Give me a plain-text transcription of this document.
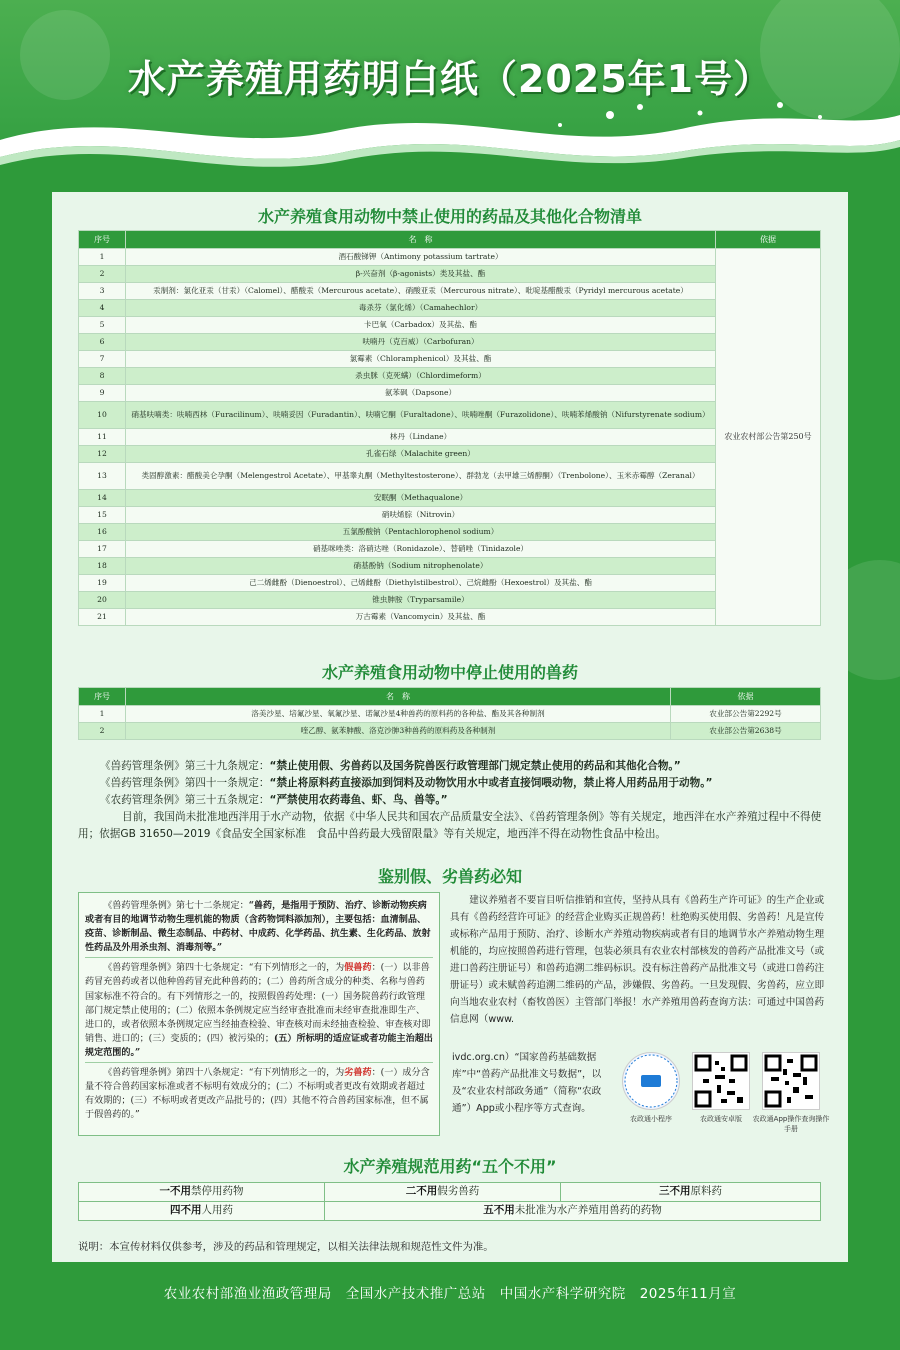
水产养殖用药明白纸（2025年1号）
水产养殖食用动物中禁止使用的药品及其他化合物清单
序号	名　称	依据
1	酒石酸锑钾（Antimony potassium tartrate）	农业农村部公告第250号
2	β-兴奋剂（β-agonists）类及其盐、酯	
3	汞制剂：氯化亚汞（甘汞）（Calomel）、醋酸汞（Mercurous acetate）、硝酸亚汞（Mercurous nitrate）、吡啶基醋酸汞（Pyridyl mercurous acetate）	
4	毒杀芬（氯化烯）（Camahechlor）	
5	卡巴氧（Carbadox）及其盐、酯	
6	呋喃丹（克百威）（Carbofuran）	
7	氯霉素（Chloramphenicol）及其盐、酯	
8	杀虫脒（克死螨）（Chlordimeform）	
9	氨苯砜（Dapsone）	
10	硝基呋喃类：呋喃西林（Furacilinum）、呋喃妥因（Furadantin）、呋喃它酮（Furaltadone）、呋喃唑酮（Furazolidone）、呋喃苯烯酸钠（Nifurstyrenate sodium）	
11	林丹（Lindane）	
12	孔雀石绿（Malachite green）	
13	类固醇激素：醋酸美仑孕酮（Melengestrol Acetate）、甲基睾丸酮（Methyltestosterone）、群勃龙（去甲雄三烯醇酮）（Trenbolone）、玉米赤霉醇（Zeranal）	
14	安眠酮（Methaqualone）	
15	硝呋烯腙（Nitrovin）	
16	五氯酚酸钠（Pentachlorophenol sodium）	
17	硝基咪唑类：洛硝达唑（Ronidazole）、替硝唑（Tinidazole）	
18	硝基酚钠（Sodium nitrophenolate）	
19	己二烯雌酚（Dienoestrol）、己烯雌酚（Diethylstilbestrol）、己烷雌酚（Hexoestrol）及其盐、酯	
20	锥虫胂胺（Tryparsamile）	
21	万古霉素（Vancomycin）及其盐、酯	
水产养殖食用动物中停止使用的兽药
序号	名　称	依据
1	洛美沙星、培氟沙星、氧氟沙星、诺氟沙星4种兽药的原料药的各种盐、酯及其各种制剂	农业部公告第2292号
2	喹乙醇、氨苯胂酸、洛克沙胂3种兽药的原料药及各种制剂	农业部公告第2638号
《兽药管理条例》第三十九条规定：“禁止使用假、劣兽药以及国务院兽医行政管理部门规定禁止使用的药品和其他化合物。”
《兽药管理条例》第四十一条规定：“禁止将原料药直接添加到饲料及动物饮用水中或者直接饲喂动物，禁止将人用药品用于动物。”
《农药管理条例》第三十五条规定：“严禁使用农药毒鱼、虾、鸟、兽等。”
目前，我国尚未批准地西泮用于水产动物，依据《中华人民共和国农产品质量安全法》、《兽药管理条例》等有关规定，地西泮在水产养殖过程中不得使用；依据GB 31650—2019《食品安全国家标准　食品中兽药最大残留限量》等有关规定，地西泮不得在动物性食品中检出。
鉴别假、劣兽药必知

《兽药管理条例》第七十二条规定：“兽药，是指用于预防、治疗、诊断动物疾病或者有目的地调节动物生理机能的物质（含药物饲料添加剂），主要包括：血清制品、疫苗、诊断制品、微生态制品、中药材、中成药、化学药品、抗生素、生化药品、放射性药品及外用杀虫剂、消毒剂等。”

《兽药管理条例》第四十七条规定：“有下列情形之一的，为假兽药：(一）以非兽药冒充兽药或者以他种兽药冒充此种兽药的；(二）兽药所含成分的种类、名称与兽药国家标准不符合的。有下列情形之一的，按照假兽药处理：(一）国务院兽药行政管理部门规定禁止使用的；(二）依照本条例规定应当经审查批准而未经审查批准即生产、进口的，或者依照本条例规定应当经抽查检验、审查核对而未经抽查检验、审查核对即销售、进口的；(三）变质的；(四）被污染的；(五）所标明的适应证或者功能主治超出规定范围的。”

《兽药管理条例》第四十八条规定：“有下列情形之一的，为劣兽药：(一）成分含量不符合兽药国家标准或者不标明有效成分的；(二）不标明或者更改有效期或者超过有效期的；(三）不标明或者更改产品批号的；(四）其他不符合兽药国家标准，但不属于假兽药的。”

建议养殖者不要盲目听信推销和宣传，坚持从具有《兽药生产许可证》的生产企业或具有《兽药经营许可证》的经营企业购买正规兽药！杜绝购买使用假、劣兽药！凡是宣传或标称产品用于预防、治疗、诊断水产养殖动物疾病或者有目的地调节水产养殖动物生理机能的，均应按照兽药进行管理，包装必须具有农业农村部核发的兽药产品批准文号（或进口兽药注册证号）和兽药追溯二维码标识。没有标注兽药产品批准文号（或进口兽药注册证号）或未赋兽药追溯二维码的产品，涉嫌假、劣兽药。一旦发现假、劣兽药，应立即向当地农业农村（畜牧兽医）主管部门举报！水产养殖用兽药查询方法：可通过中国兽药信息网（www.
ivdc.org.cn）“国家兽药基础数据库”中“兽药产品批准文号数据”，以及“农业农村部政务通”（简称“农政通”）App或小程序等方式查询。
农政通小程序	农政通安卓版	农政通App操作查询操作手册
水产养殖规范用药“五个不用”
一不用禁停用药物	二不用假劣兽药	三不用原料药
四不用人用药	五不用未批准为水产养殖用兽药的药物	
说明：本宣传材料仅供参考，涉及的药品和管理规定，以相关法律法规和规范性文件为准。
农业农村部渔业渔政管理局　全国水产技术推广总站　中国水产科学研究院　2025年11月宣
